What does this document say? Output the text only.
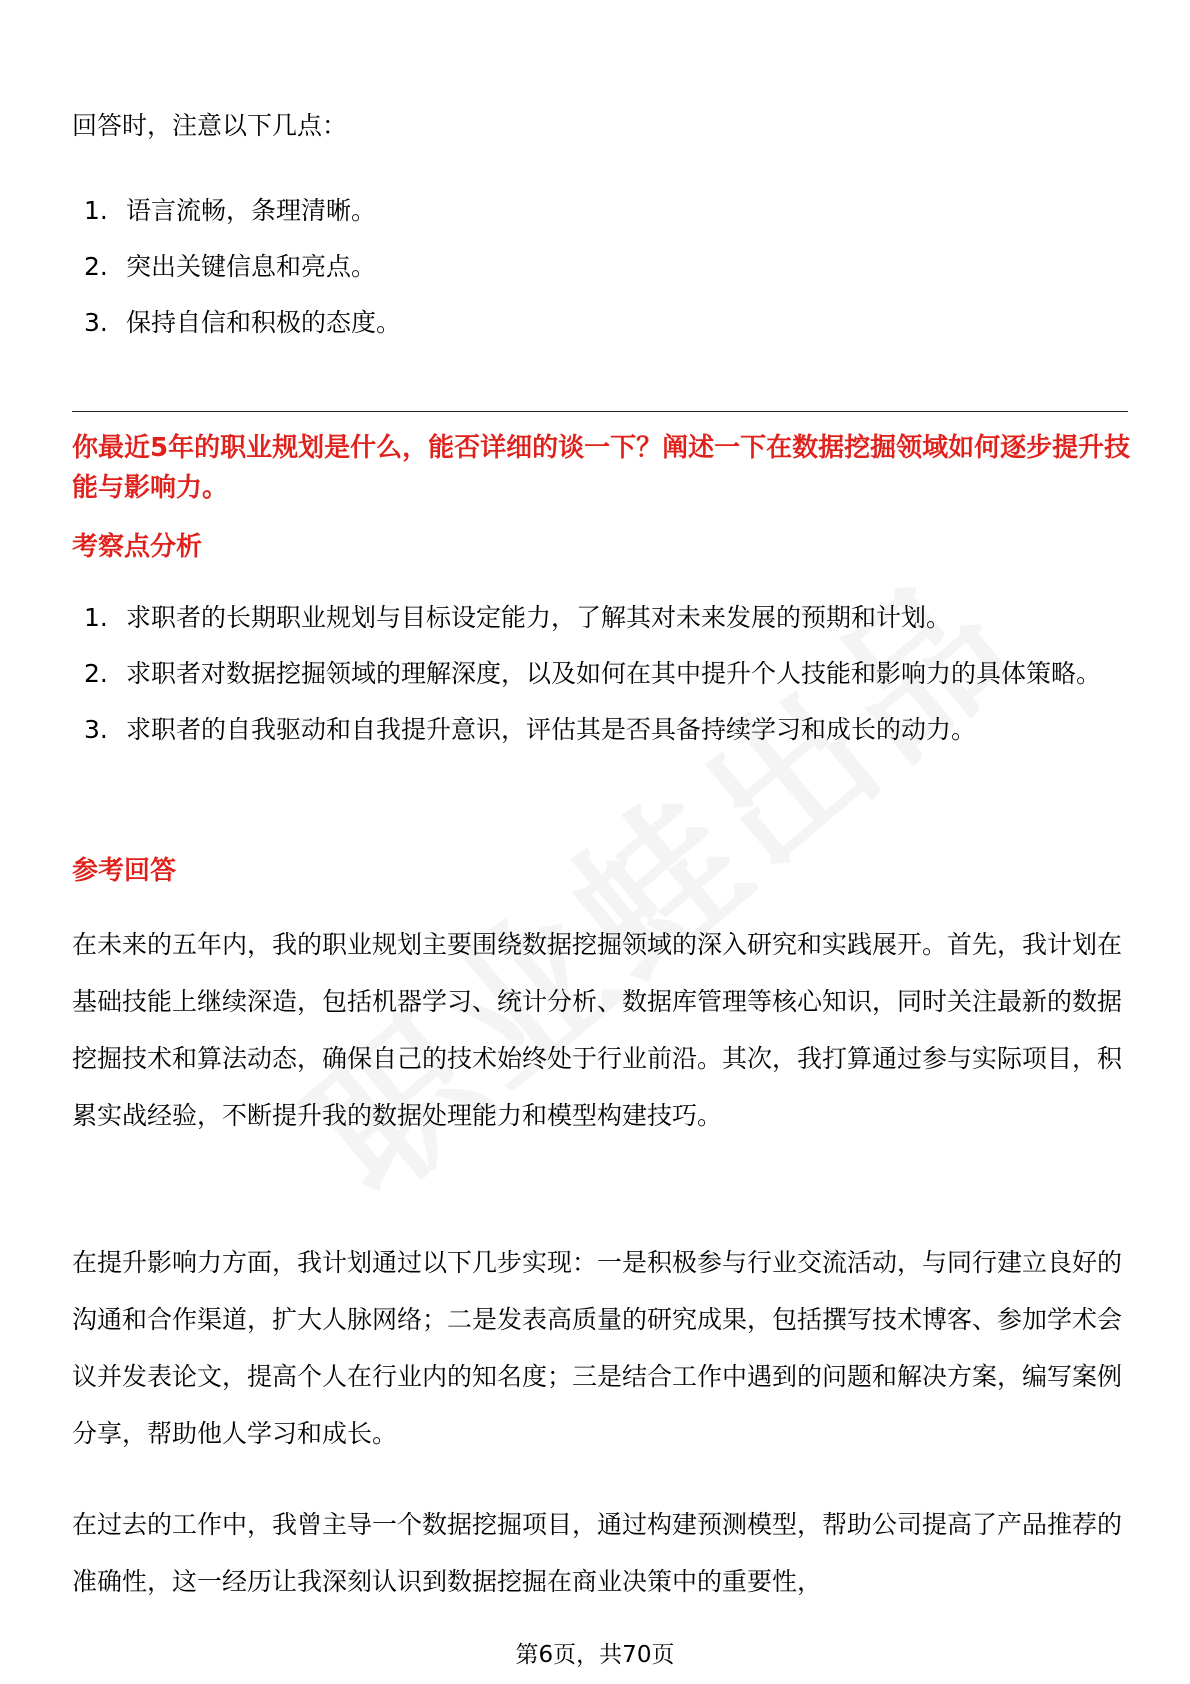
回答时，注意以下几点：

1. 语言流畅，条理清晰。
2. 突出关键信息和亮点。
3. 保持自信和积极的态度。

你最近5年的职业规划是什么，能否详细的谈一下？阐述一下在数据挖掘领域如何逐步提升技能与影响力。

考察点分析

1. 求职者的长期职业规划与目标设定能力，了解其对未来发展的预期和计划。
2. 求职者对数据挖掘领域的理解深度，以及如何在其中提升个人技能和影响力的具体策略。
3. 求职者的自我驱动和自我提升意识，评估其是否具备持续学习和成长的动力。

参考回答

在未来的五年内，我的职业规划主要围绕数据挖掘领域的深入研究和实践展开。首先，我计划在基础技能上继续深造，包括机器学习、统计分析、数据库管理等核心知识，同时关注最新的数据挖掘技术和算法动态，确保自己的技术始终处于行业前沿。其次，我打算通过参与实际项目，积累实战经验，不断提升我的数据处理能力和模型构建技巧。

在提升影响力方面，我计划通过以下几步实现：一是积极参与行业交流活动，与同行建立良好的沟通和合作渠道，扩大人脉网络；二是发表高质量的研究成果，包括撰写技术博客、参加学术会议并发表论文，提高个人在行业内的知名度；三是结合工作中遇到的问题和解决方案，编写案例分享，帮助他人学习和成长。

在过去的工作中，我曾主导一个数据挖掘项目，通过构建预测模型，帮助公司提高了产品推荐的准确性，这一经历让我深刻认识到数据挖掘在商业决策中的重要性，

第6页，共70页
